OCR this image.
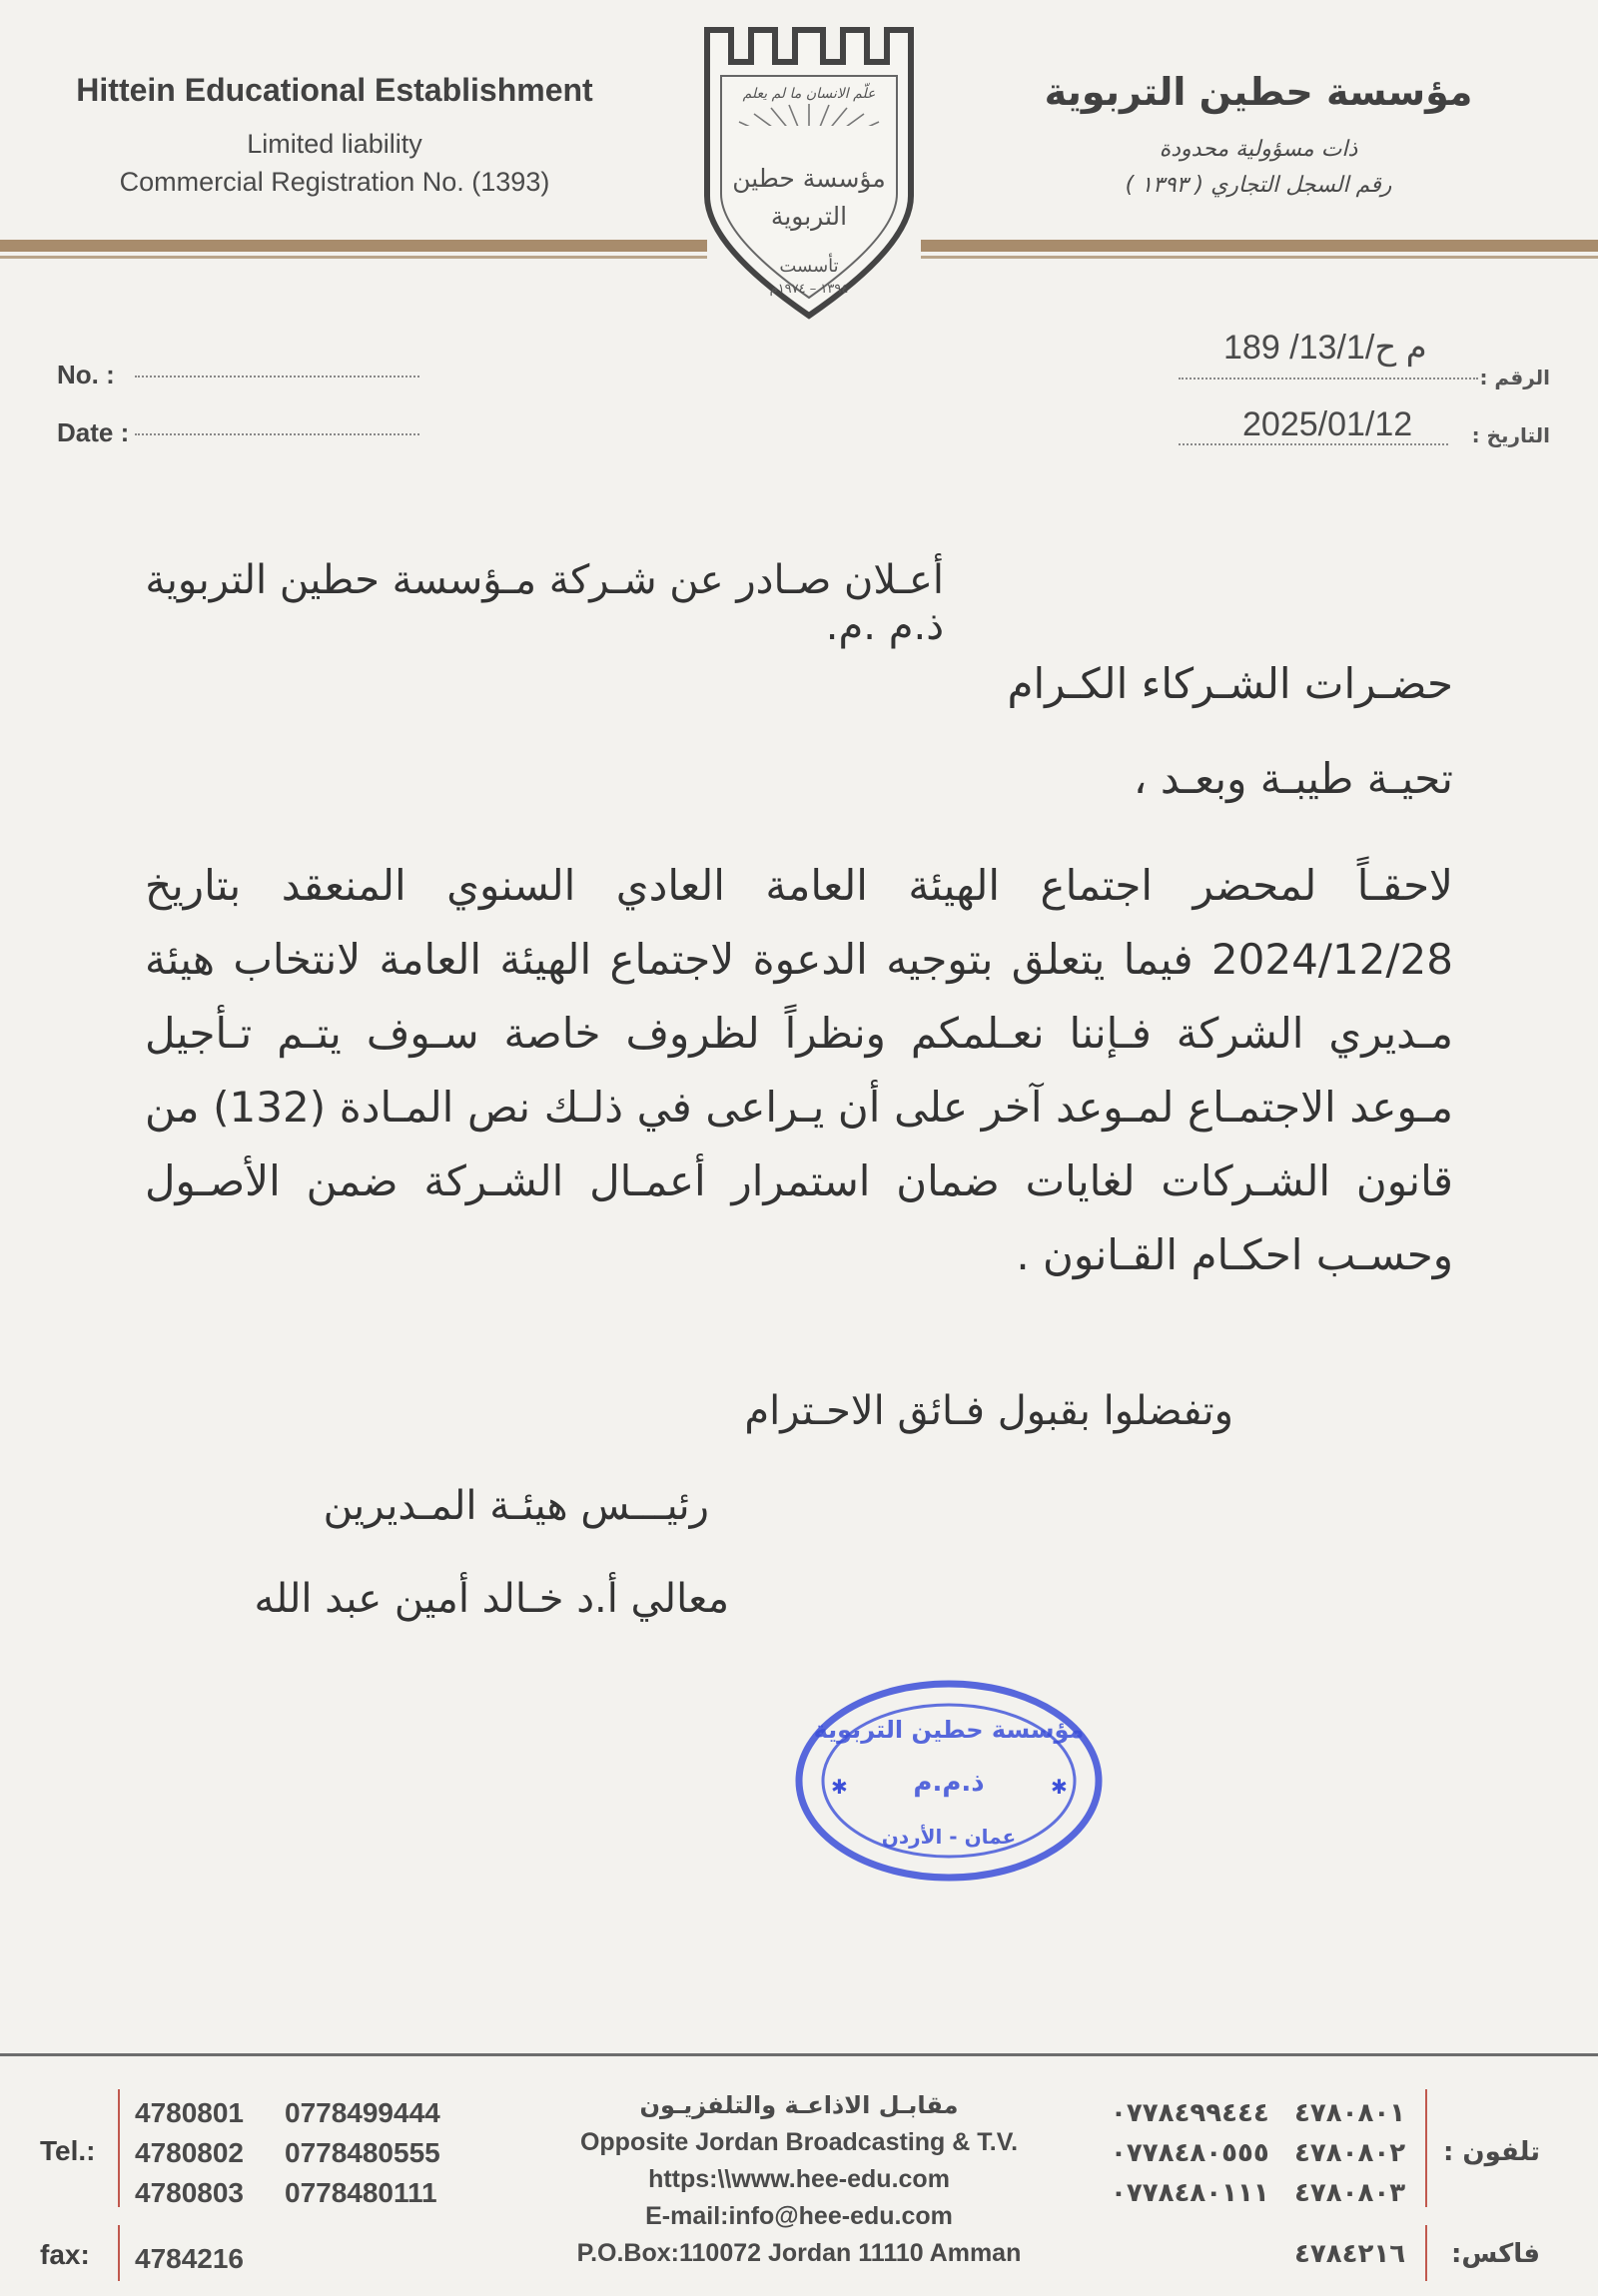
Hittein Educational Establishment
Limited liability
Commercial Registration No. (1393)
مؤسسة حطين التربوية
ذات مسؤولية محدودة
رقم السجل التجاري ( ١٣٩٣ )
علّم الانسان ما لم يعلم
مؤسسة حطين
التربوية
تأسست
١٣٩٤ – ١٩٧٤م
No. :
Date :
الرقم :
م ح/13/1/ 189
التاريخ :
2025/01/12
أعـلان صـادر عن شـركة مـؤسسة حطين التربوية ذ.م .م.
حضـرات الشـركاء الكـرام
تحيـة طيبـة وبعـد ،
لاحقـاً لمحضر اجتماع الهيئة العامة العادي السنوي المنعقد بتاريخ 2024/12/28 فيما يتعلق بتوجيه الدعوة لاجتماع الهيئة العامة لانتخاب هيئة مـديري الشركة فـإننا نعـلمكم ونظراً لظروف خاصة سـوف يتـم تـأجيل مـوعد الاجتمـاع لمـوعد آخر على أن يـراعى في ذلـك نص المـادة (132) من قانون الشـركات لغايات ضمان استمرار أعمـال الشـركة ضمن الأصـول وحسـب احكـام القـانون .
وتفضلوا بقبول فـائق الاحـترام
رئيـــس هيئـة المـديرين
معالي أ.د خـالد أمين عبد الله
مؤسسة حطين التربوية
ذ.م.م
عمان - الأردن
✱	✱
Tel.:
4780801
4780802
4780803
0778499444
0778480555
0778480111
fax: 4784216
مقابـل الاذاعـة والتلفزيـون
Opposite Jordan Broadcasting & T.V.
https:\\www.hee-edu.com
E-mail:info@hee-edu.com
P.O.Box:110072 Jordan 11110 Amman
تلفون :
٤٧٨٠٨٠١
٤٧٨٠٨٠٢
٤٧٨٠٨٠٣
٠٧٧٨٤٩٩٤٤٤
٠٧٧٨٤٨٠٥٥٥
٠٧٧٨٤٨٠١١١
فاكس:
٤٧٨٤٢١٦
